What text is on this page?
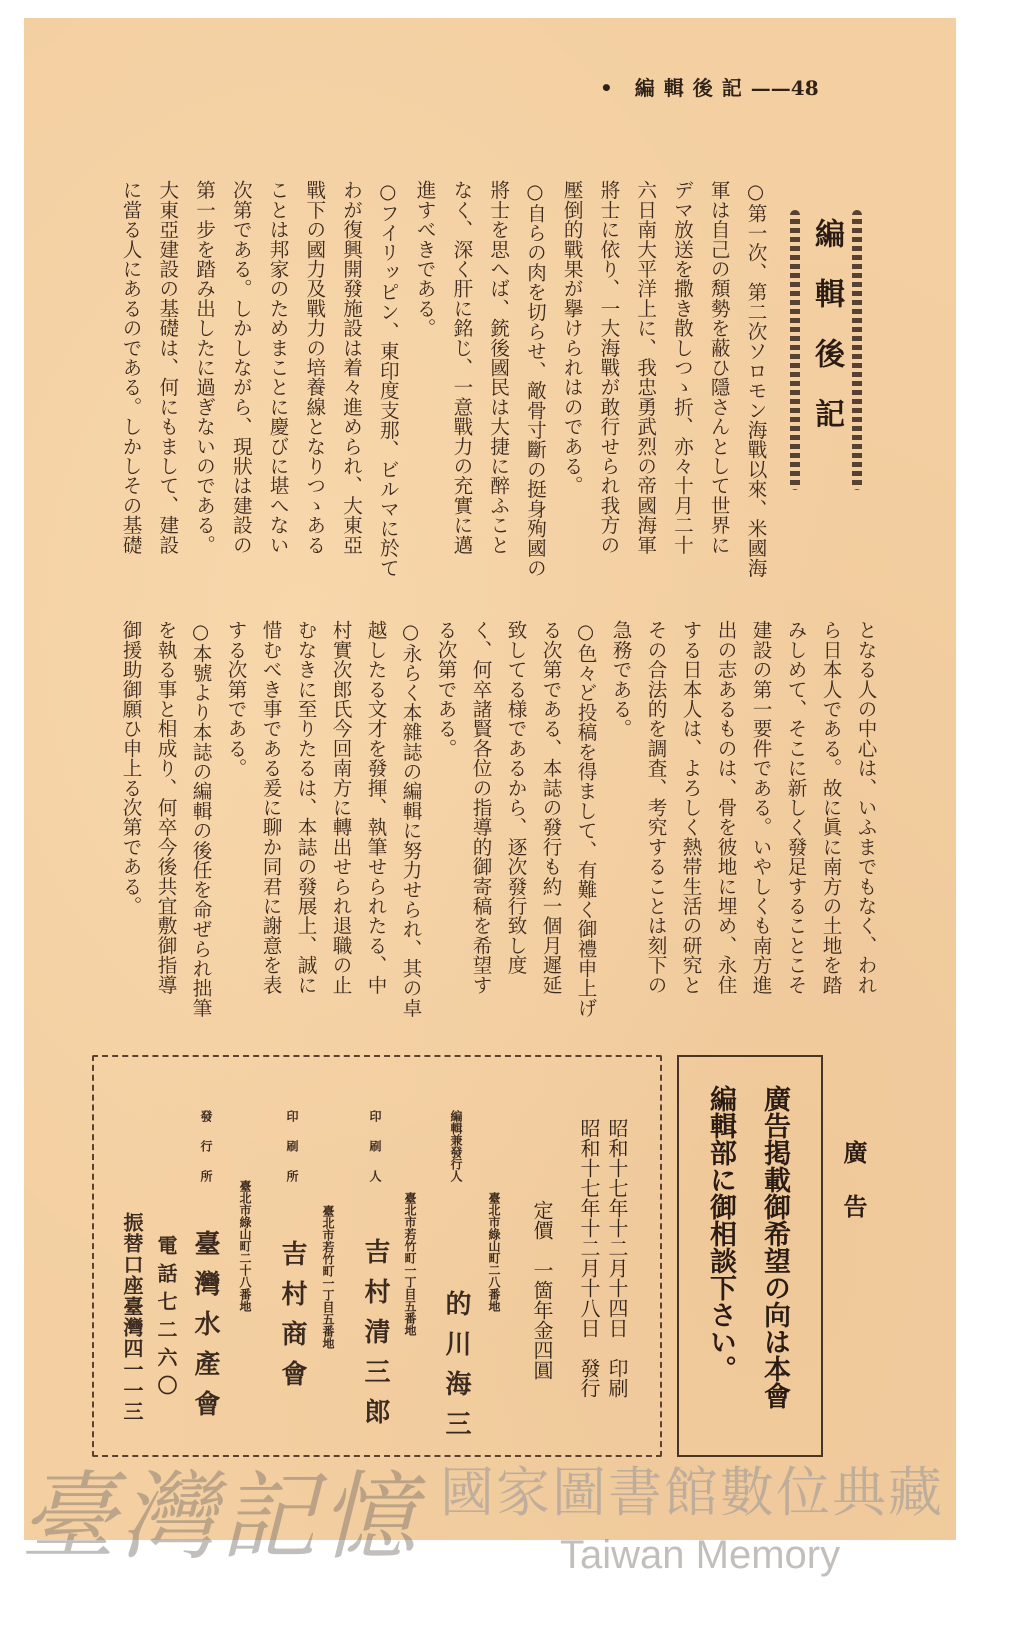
• 編輯後記——48
編輯後記
○第一次、第二次ソロモン海戰以來、米國海
軍は自己の頽勢を蔽ひ隱さんとして世界に
デマ放送を撒き散しつゝ折、亦々十月二十
六日南大平洋上に、我忠勇武烈の帝國海軍
將士に依り、一大海戰が敢行せられ我方の
壓倒的戰果が擧けられはのである。
○自らの肉を切らせ、敵骨寸斷の挺身殉國の
將士を思へば、銃後國民は大捷に醉ふこと
なく、深く肝に銘じ、一意戰力の充實に邁
進すべきである。
○フイリッピン、東印度支那、ビルマに於て
わが復興開發施設は着々進められ、大東亞
戰下の國力及戰力の培養線となりつゝある
ことは邦家のためまことに慶びに堪へない
次第である。しかしながら、現狀は建設の
第一步を踏み出したに過ぎないのである。
大東亞建設の基礎は、何にもまして、建設
に當る人にあるのである。しかしその基礎
となる人の中心は、いふまでもなく、われ
ら日本人である。故に眞に南方の土地を踏
みしめて、そこに新しく發足することこそ
建設の第一要件である。いやしくも南方進
出の志あるものは、骨を彼地に埋め、永住
する日本人は、よろしく熱帯生活の研究と
その合法的を調査、考究することは刻下の
急務である。
○色々ど投稿を得まして、有難く御禮申上げ
る次第である、本誌の發行も約一個月遲延
致してる様であるから、逐次發行致し度
く、何卒諸賢各位の指導的御寄稿を希望す
る次第である。
○永らく本雜誌の編輯に努力せられ、其の卓
越したる文才を發揮、執筆せられたる、中
村實次郎氏今回南方に轉出せられ退職の止
むなきに至りたるは、本誌の發展上、誠に
惜むべき事である爰に聊か同君に謝意を表
する次第である。
○本號より本誌の編輯の後任を命ぜられ拙筆
を執る事と相成り、何卒今後共宜敷御指導
御援助御願ひ申上る次第である。
廣告
廣告掲載御希望の向は本會
編輯部に御相談下さい。
昭和十七年十二月十四日　印刷
昭和十七年十二月十八日　發行
定價　一箇年金四圓
臺北市綠山町二八番地
編輯兼發行人
的川海三
臺北市若竹町一丁目五番地
印刷人
吉村清三郎
臺北市若竹町一丁目五番地
印刷所
吉村商會
臺北市綠山町二十八番地
發行所
臺灣水產會
電話七二六〇
振替口座臺灣四一一三
臺灣記憶 國家圖書館數位典藏
Taiwan Memory
